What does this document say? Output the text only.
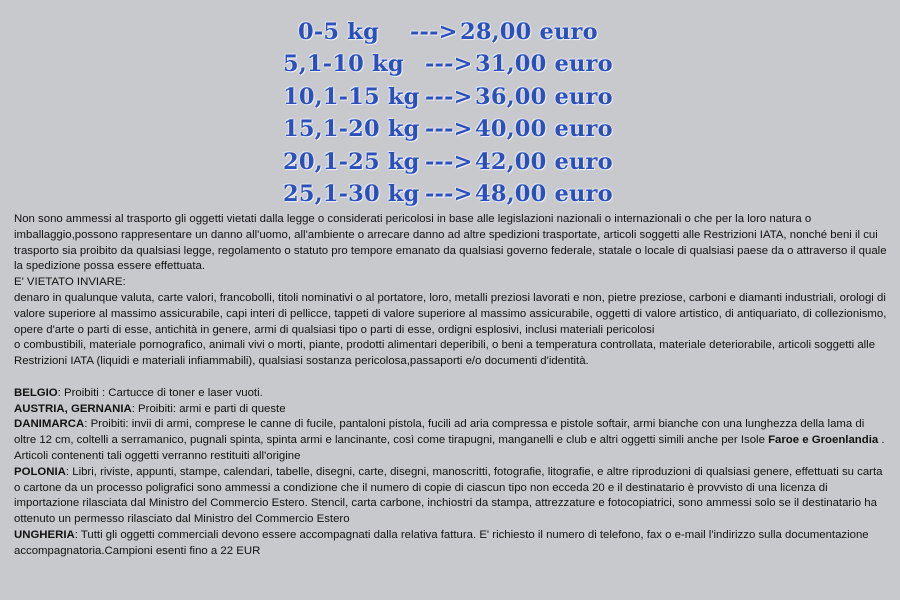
0-5 kg ---> 28,00 euro
5,1-10 kg ---> 31,00 euro
10,1-15 kg ---> 36,00 euro
15,1-20 kg ---> 40,00 euro
20,1-25 kg ---> 42,00 euro
25,1-30 kg ---> 48,00 euro

Non sono ammessi al trasporto gli oggetti vietati dalla legge o considerati pericolosi in base alle legislazioni nazionali o internazionali o che per la loro natura o imballaggio,possono rappresentare un danno all'uomo, all'ambiente o arrecare danno ad altre spedizioni trasportate, articoli soggetti alle Restrizioni IATA, nonché beni il cui trasporto sia proibito da qualsiasi legge, regolamento o statuto pro tempore emanato da qualsiasi governo federale, statale o locale di qualsiasi paese da o attraverso il quale la spedizione possa essere effettuata.

E' VIETATO INVIARE:

denaro in qualunque valuta, carte valori, francobolli, titoli nominativi o al portatore, loro, metalli preziosi lavorati e non, pietre preziose, carboni e diamanti industriali, orologi di valore superiore al massimo assicurabile, capi interi di pellicce, tappeti di valore superiore al massimo assicurabile, oggetti di valore artistico, di antiquariato, di collezionismo, opere d'arte o parti di esse, antichità in genere, armi di qualsiasi tipo o parti di esse, ordigni esplosivi, inclusi materiali pericolosi

o combustibili, materiale pornografico, animali vivi o morti, piante, prodotti alimentari deperibili, o beni a temperatura controllata, materiale deteriorabile, articoli soggetti alle Restrizioni IATA (liquidi e materiali infiammabili), qualsiasi sostanza pericolosa,passaporti e/o documenti d'identità.

BELGIO: Proibiti : Cartucce di toner e laser vuoti.

AUSTRIA, GERNANIA: Proibiti: armi e parti di queste

DANIMARCA: Proibiti: invii di armi, comprese le canne di fucile, pantaloni pistola, fucili ad aria compressa e pistole softair, armi bianche con una lunghezza della lama di oltre 12 cm, coltelli a serramanico, pugnali spinta, spinta armi e lancinante, così come tirapugni, manganelli e club e altri oggetti simili anche per Isole Faroe e Groenlandia . Articoli contenenti tali oggetti verranno restituiti all'origine

POLONIA: Libri, riviste, appunti, stampe, calendari, tabelle, disegni, carte, disegni, manoscritti, fotografie, litografie, e altre riproduzioni di qualsiasi genere, effettuati su carta o cartone da un processo poligrafici sono ammessi a condizione che il numero di copie di ciascun tipo non ecceda 20 e il destinatario è provvisto di una licenza di importazione rilasciata dal Ministro del Commercio Estero. Stencil, carta carbone, inchiostri da stampa, attrezzature e fotocopiatrici, sono ammessi solo se il destinatario ha ottenuto un permesso rilasciato dal Ministro del Commercio Estero

UNGHERIA: Tutti gli oggetti commerciali devono essere accompagnati dalla relativa fattura. E' richiesto il numero di telefono, fax o e-mail l'indirizzo sulla documentazione accompagnatoria.Campioni esenti fino a 22 EUR
